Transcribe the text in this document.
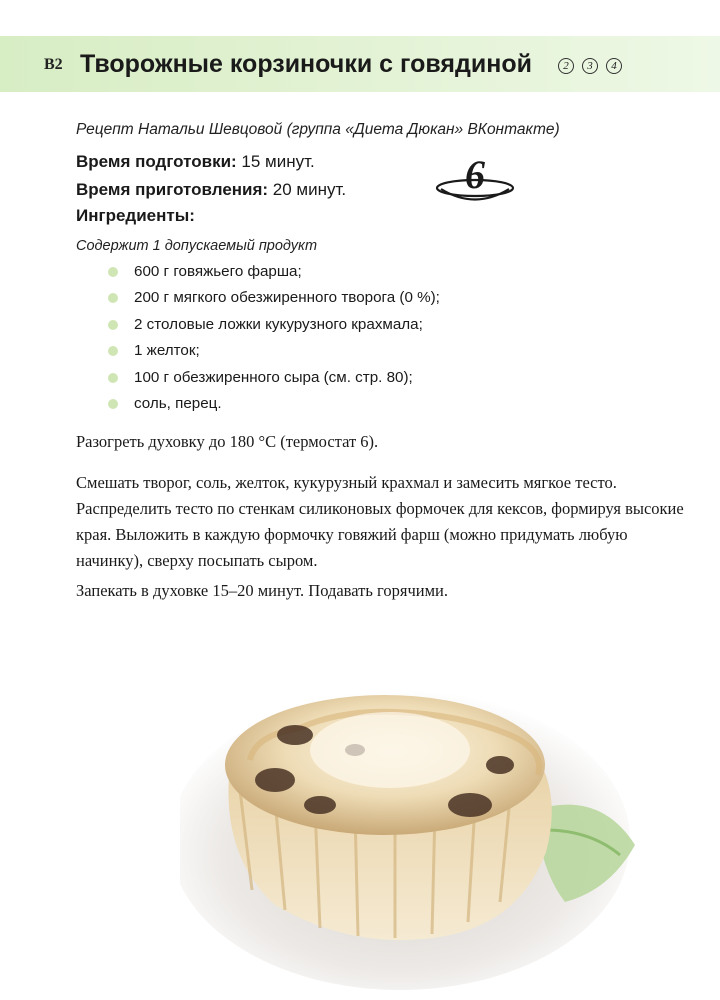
В2 Творожные корзиночки с говядиной	2	3	4
Рецепт Натальи Шевцовой (группа «Диета Дюкан» ВКонтакте)
Время подготовки: 15 минут.
Время приготовления: 20 минут.
Ингредиенты:
6
Содержит 1 допускаемый продукт
600 г говяжьего фарша;
200 г мягкого обезжиренного творога (0 %);
2 столовые ложки кукурузного крахмала;
1 желток;
100 г обезжиренного сыра (см. стр. 80);
соль, перец.
Разогреть духовку до 180 °C (термостат 6).
Смешать творог, соль, желток, кукурузный крахмал и замесить мягкое тесто. Распределить тесто по стенкам силиконовых формочек для кексов, формируя высокие края. Выложить в каждую формочку говяжий фарш (можно придумать любую начинку), сверху посыпать сыром.
Запекать в духовке 15–20 минут. Подавать горячими.
